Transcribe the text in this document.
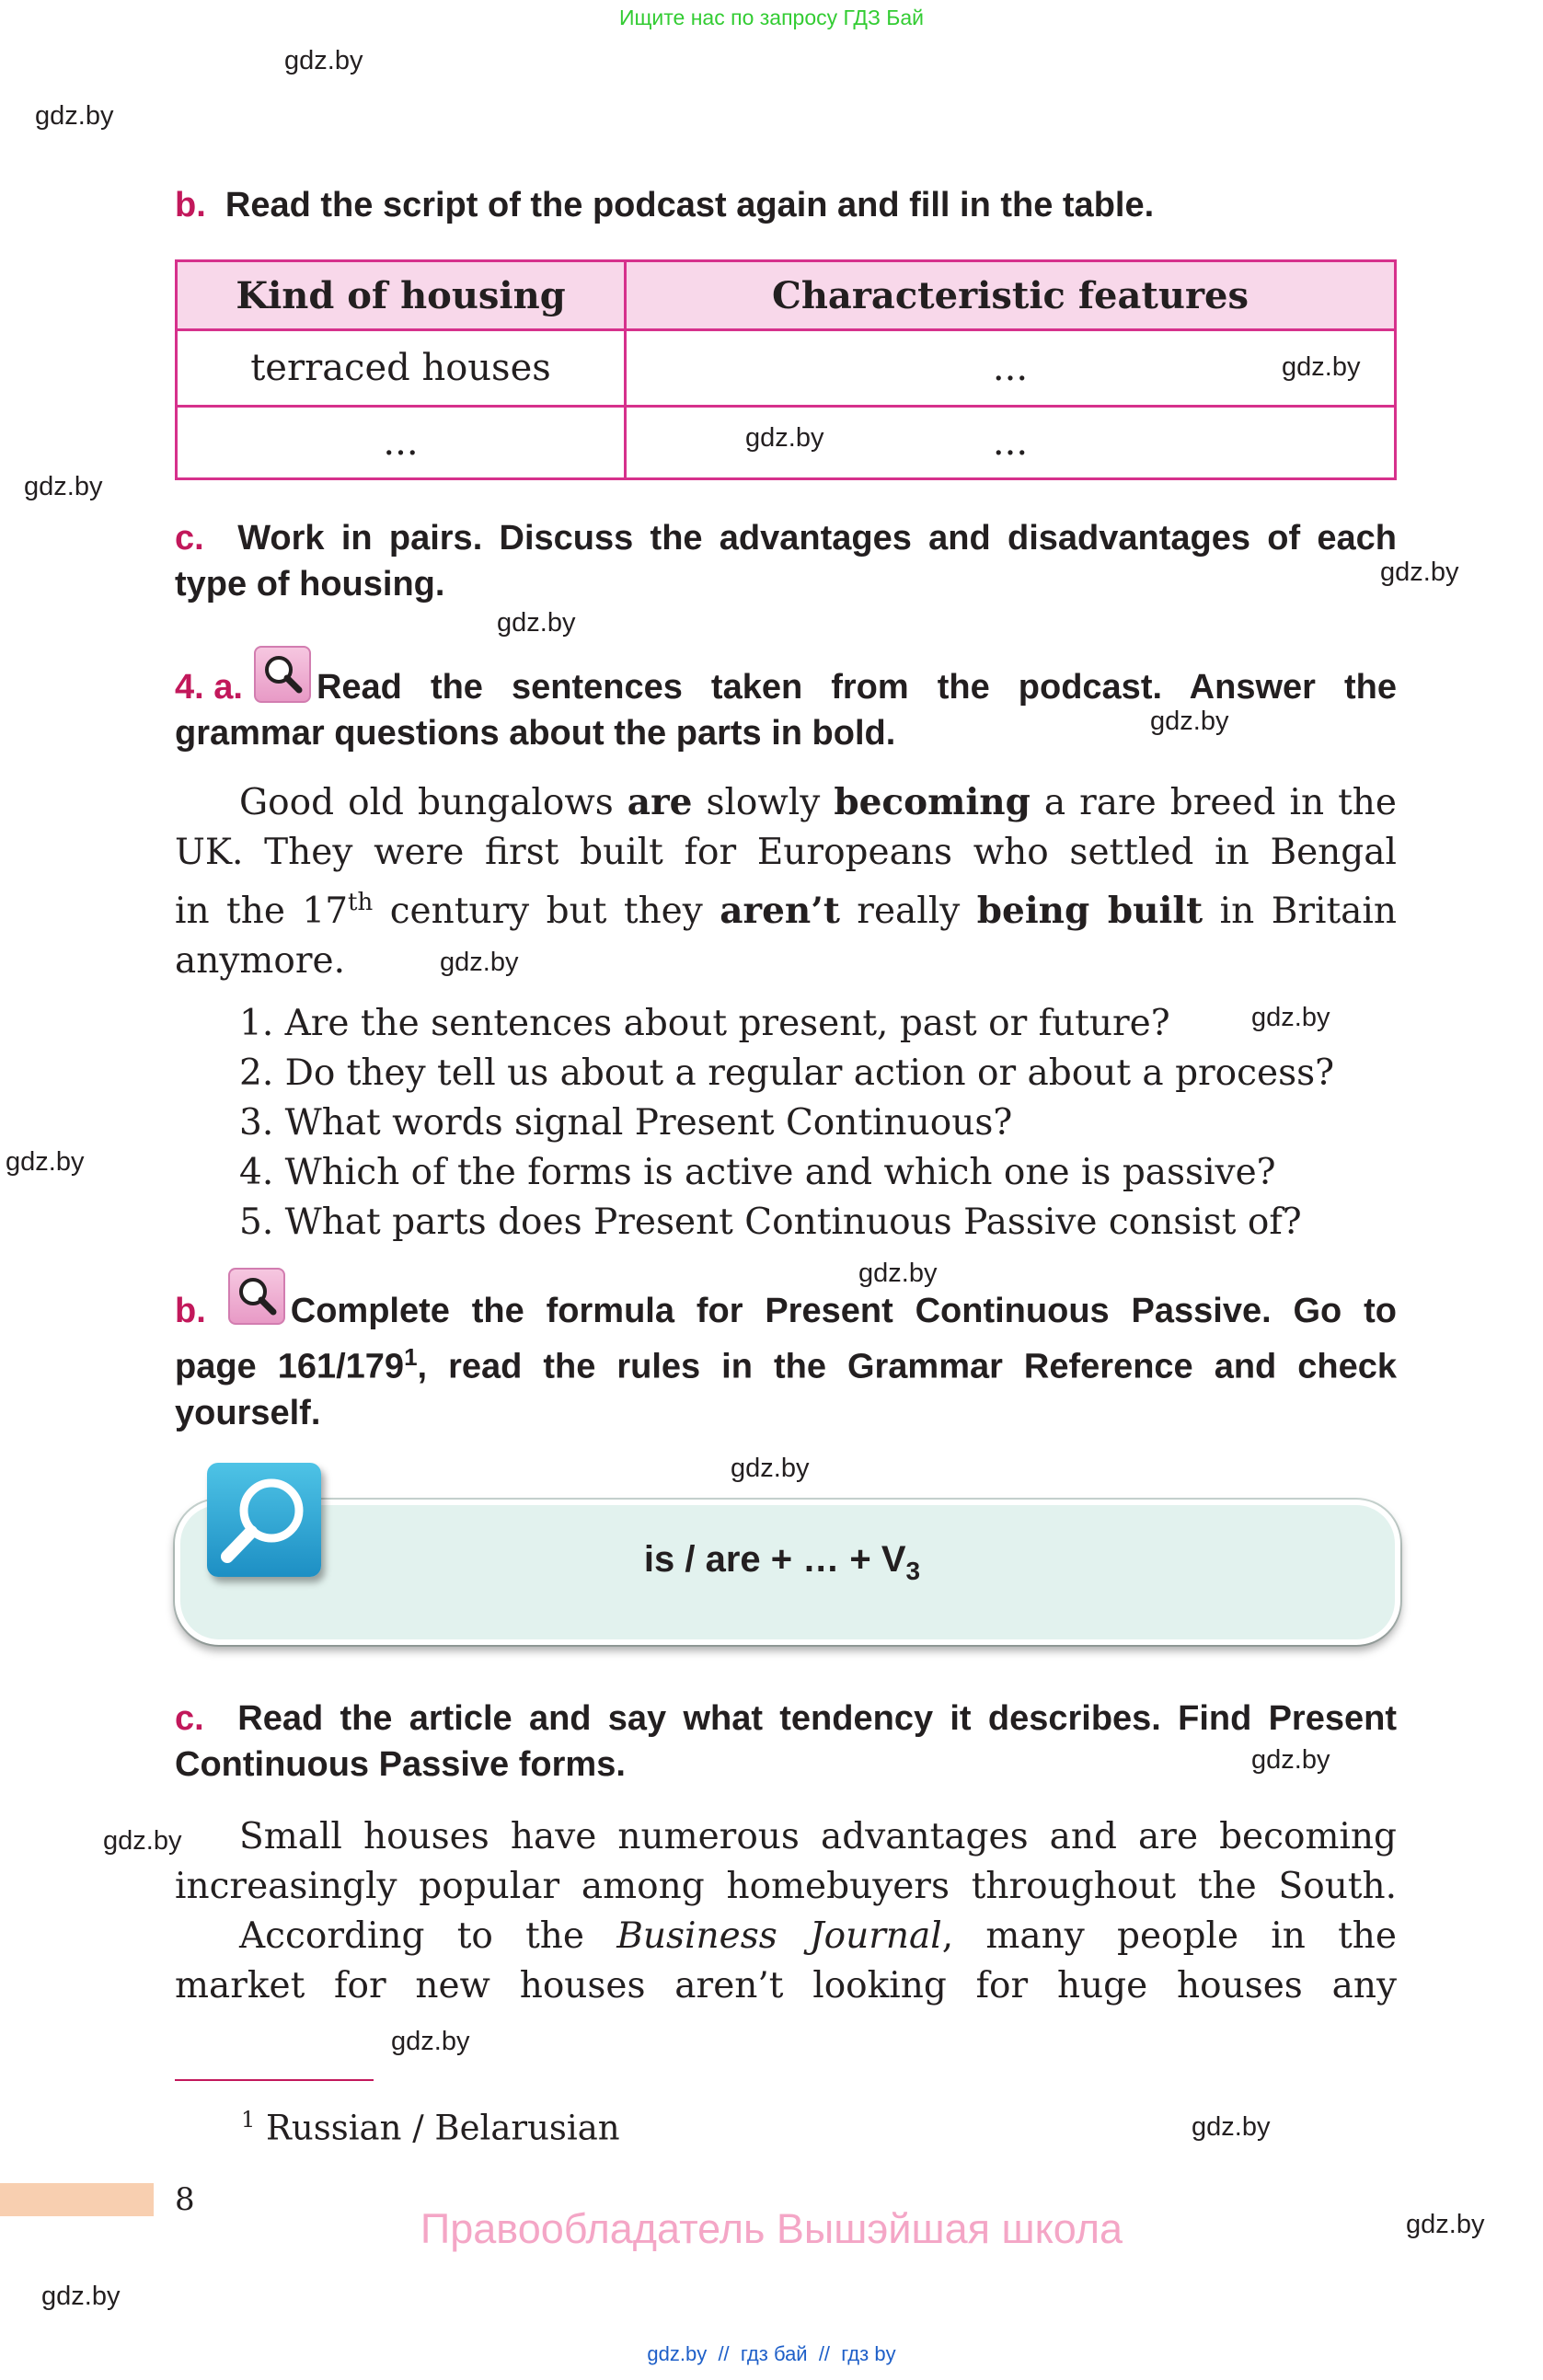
Ищите нас по запросу ГДЗ Бай
gdz.by
gdz.by
gdz.by
gdz.by
gdz.by
gdz.by
gdz.by
gdz.by
gdz.by
gdz.by
gdz.by
gdz.by
gdz.by
gdz.by
gdz.by
gdz.by
gdz.by
gdz.by
gdz.by
b. Read the script of the podcast again and fill in the table.
Kind of housing	Characteristic features
terraced houses	...
...	...
c. Work in pairs. Discuss the advantages and disadvantages of each
type of housing.
4.
a. Read the sentences taken from the podcast. Answer the
grammar questions about the parts in bold.
Good old bungalows are slowly becoming a rare breed in the
UK. They were first built for Europeans who settled in Bengal
in the 17th century but they aren’t really being built in Britain
anymore.
1. Are the sentences about present, past or future?
2. Do they tell us about a regular action or about a process?
3. What words signal Present Continuous?
4. Which of the forms is active and which one is passive?
5. What parts does Present Continuous Passive consist of?
b. Complete the formula for Present Continuous Passive. Go to
page $161/179^1$, read the rules in the Grammar Reference and check
yourself.
is / are + … + $V_3$
c. Read the article and say what tendency it describes. Find Present
Continuous Passive forms.
Small houses have numerous advantages and are becoming
increasingly popular among homebuyers throughout the South.
According to the Business Journal, many people in the
market for new houses aren’t looking for huge houses any
$^1$ Russian / Belarusian
8
Правообладатель Вышэйшая школа
gdz.by  //  гдз бай  //  гдз by
